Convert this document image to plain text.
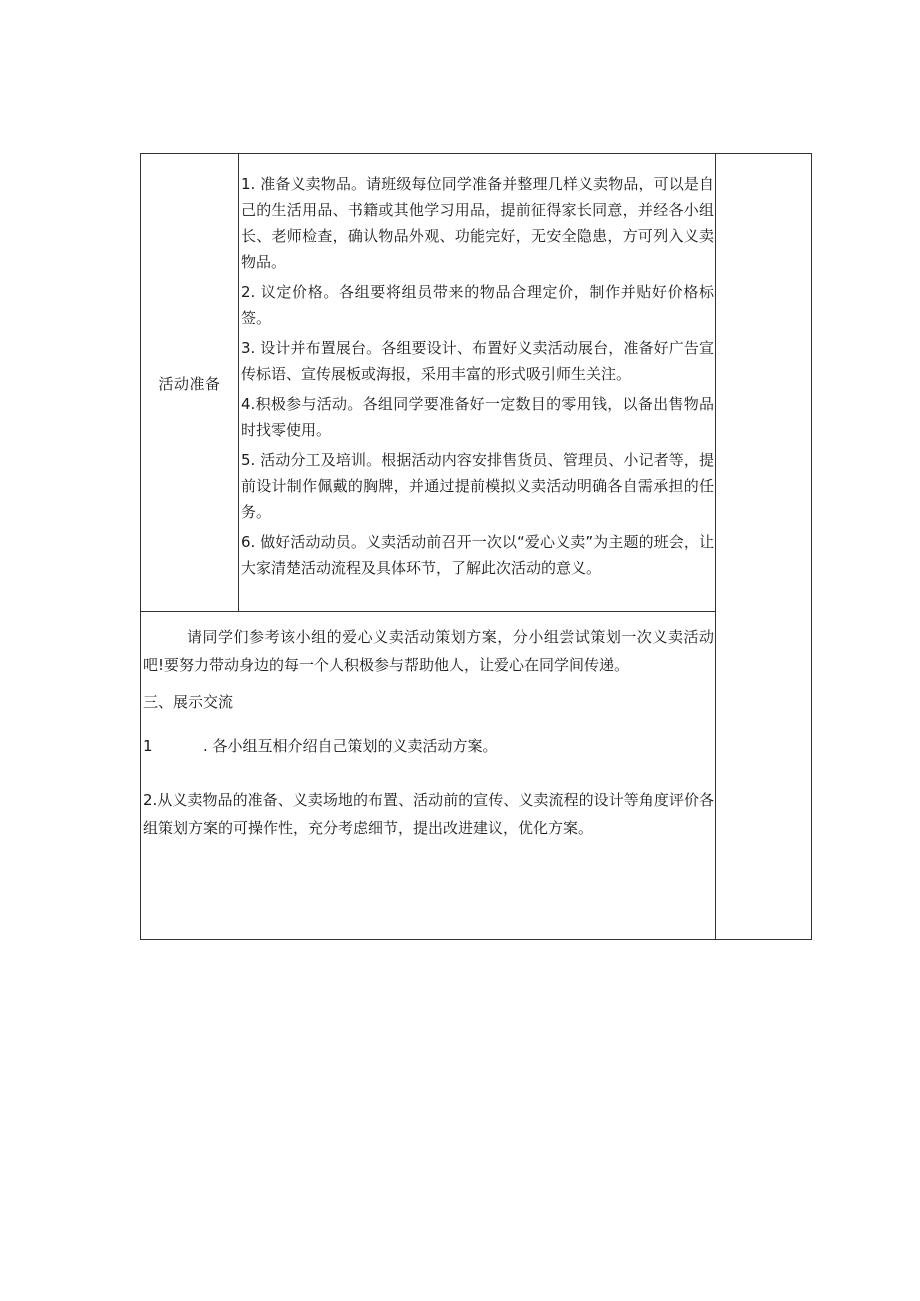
活动准备

1. 准备义卖物品。请班级每位同学准备并整理几样义卖物品，可以是自己的生活用品、书籍或其他学习用品，提前征得家长同意，并经各小组长、老师检查，确认物品外观、功能完好，无安全隐患，方可列入义卖物品。

2. 议定价格。各组要将组员带来的物品合理定价，制作并贴好价格标签。

3. 设计并布置展台。各组要设计、布置好义卖活动展台，准备好广告宣传标语、宣传展板或海报，采用丰富的形式吸引师生关注。

4.积极参与活动。各组同学要准备好一定数目的零用钱，以备出售物品时找零使用。

5. 活动分工及培训。根据活动内容安排售货员、管理员、小记者等，提前设计制作佩戴的胸牌，并通过提前模拟义卖活动明确各自需承担的任务。

6. 做好活动动员。义卖活动前召开一次以“爱心义卖”为主题的班会，让大家清楚活动流程及具体环节，了解此次活动的意义。

请同学们参考该小组的爱心义卖活动策划方案，分小组尝试策划一次义卖活动吧!要努力带动身边的每一个人积极参与帮助他人，让爱心在同学间传递。

三、展示交流

1	. 各小组互相介绍自己策划的义卖活动方案。

2.从义卖物品的准备、义卖场地的布置、活动前的宣传、义卖流程的设计等角度评价各组策划方案的可操作性，充分考虑细节，提出改进建议，优化方案。
